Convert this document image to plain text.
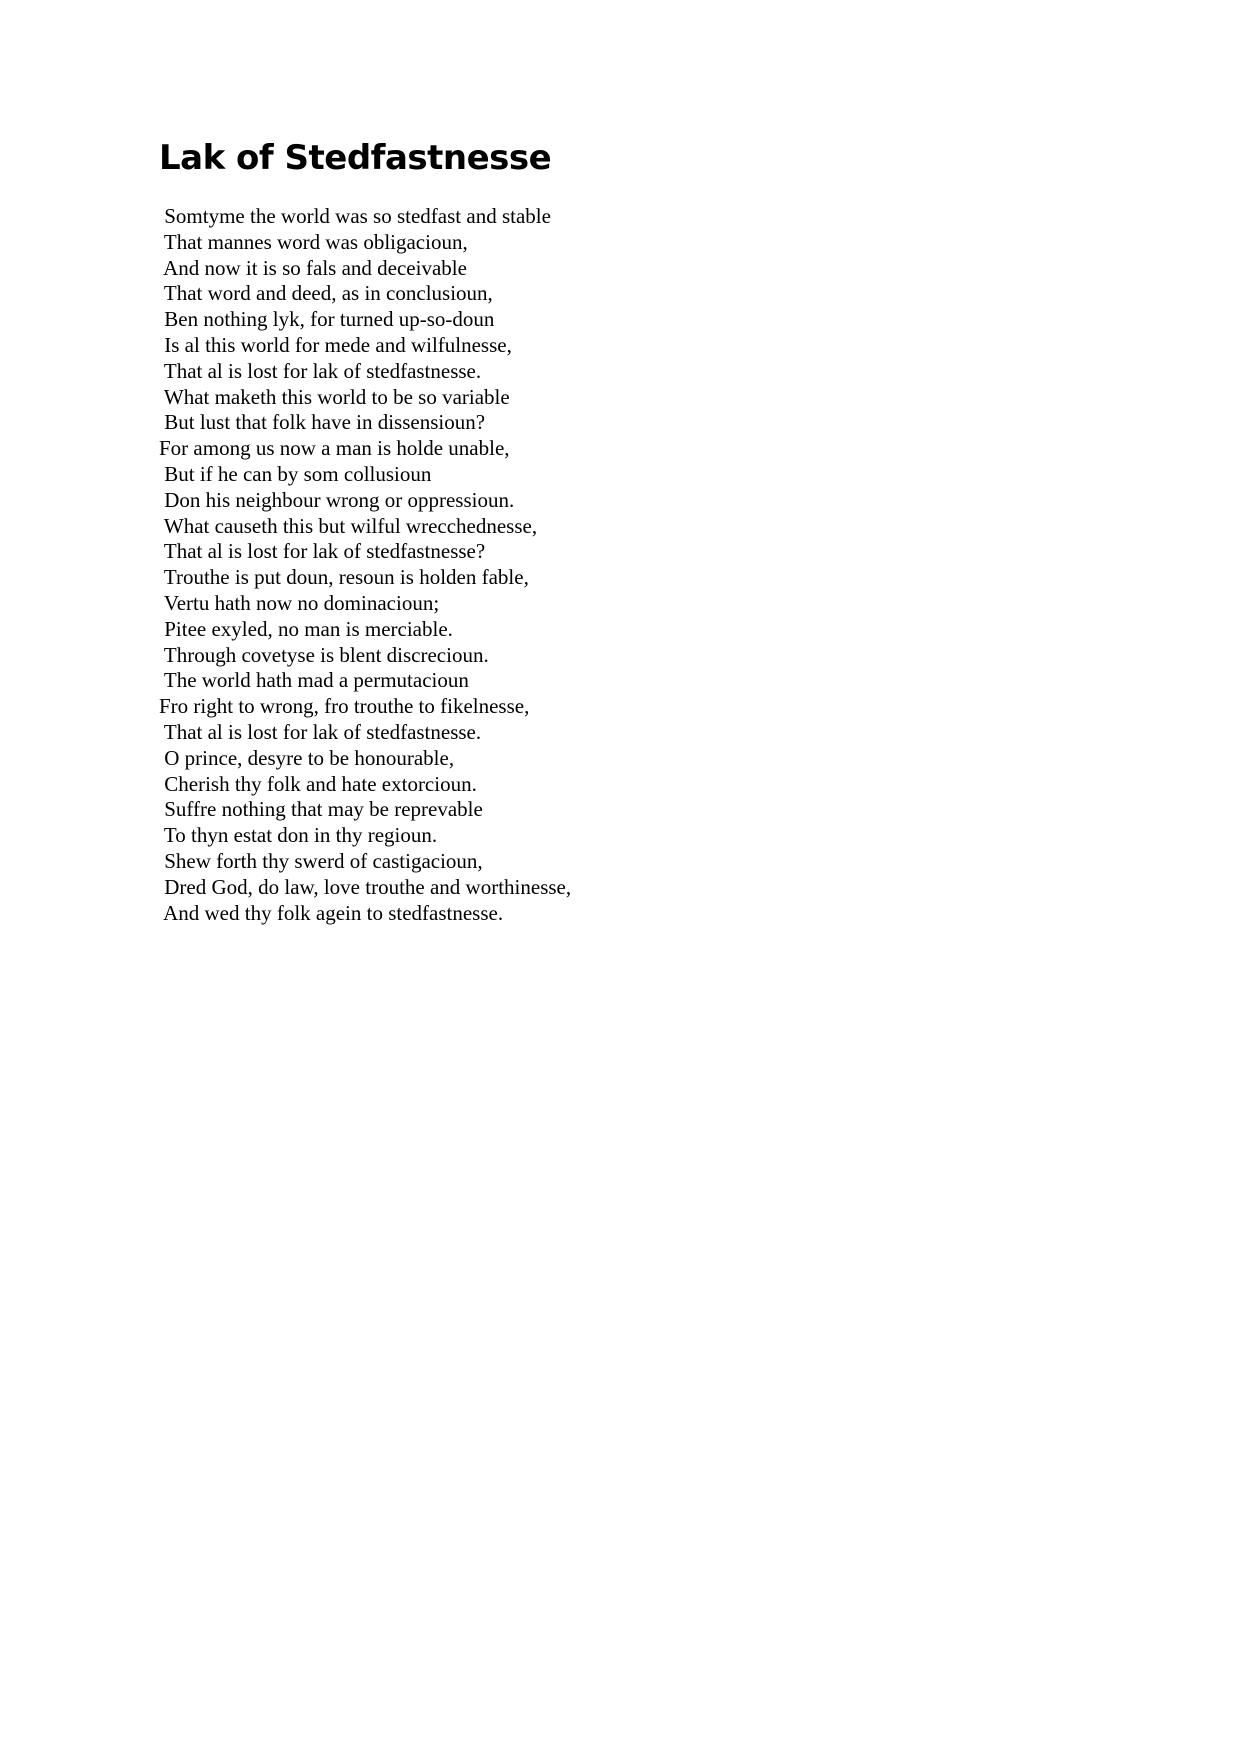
Lak of Stedfastnesse
Somtyme the world was so stedfast and stable
That mannes word was obligacioun,
And now it is so fals and deceivable
That word and deed, as in conclusioun,
Ben nothing lyk, for turned up-so-doun
Is al this world for mede and wilfulnesse,
That al is lost for lak of stedfastnesse.
What maketh this world to be so variable
But lust that folk have in dissensioun?
For among us now a man is holde unable,
But if he can by som collusioun
Don his neighbour wrong or oppressioun.
What causeth this but wilful wrecchednesse,
That al is lost for lak of stedfastnesse?
Trouthe is put doun, resoun is holden fable,
Vertu hath now no dominacioun;
Pitee exyled, no man is merciable.
Through covetyse is blent discrecioun.
The world hath mad a permutacioun
Fro right to wrong, fro trouthe to fikelnesse,
That al is lost for lak of stedfastnesse.
O prince, desyre to be honourable,
Cherish thy folk and hate extorcioun.
Suffre nothing that may be reprevable
To thyn estat don in thy regioun.
Shew forth thy swerd of castigacioun,
Dred God, do law, love trouthe and worthinesse,
And wed thy folk agein to stedfastnesse.
